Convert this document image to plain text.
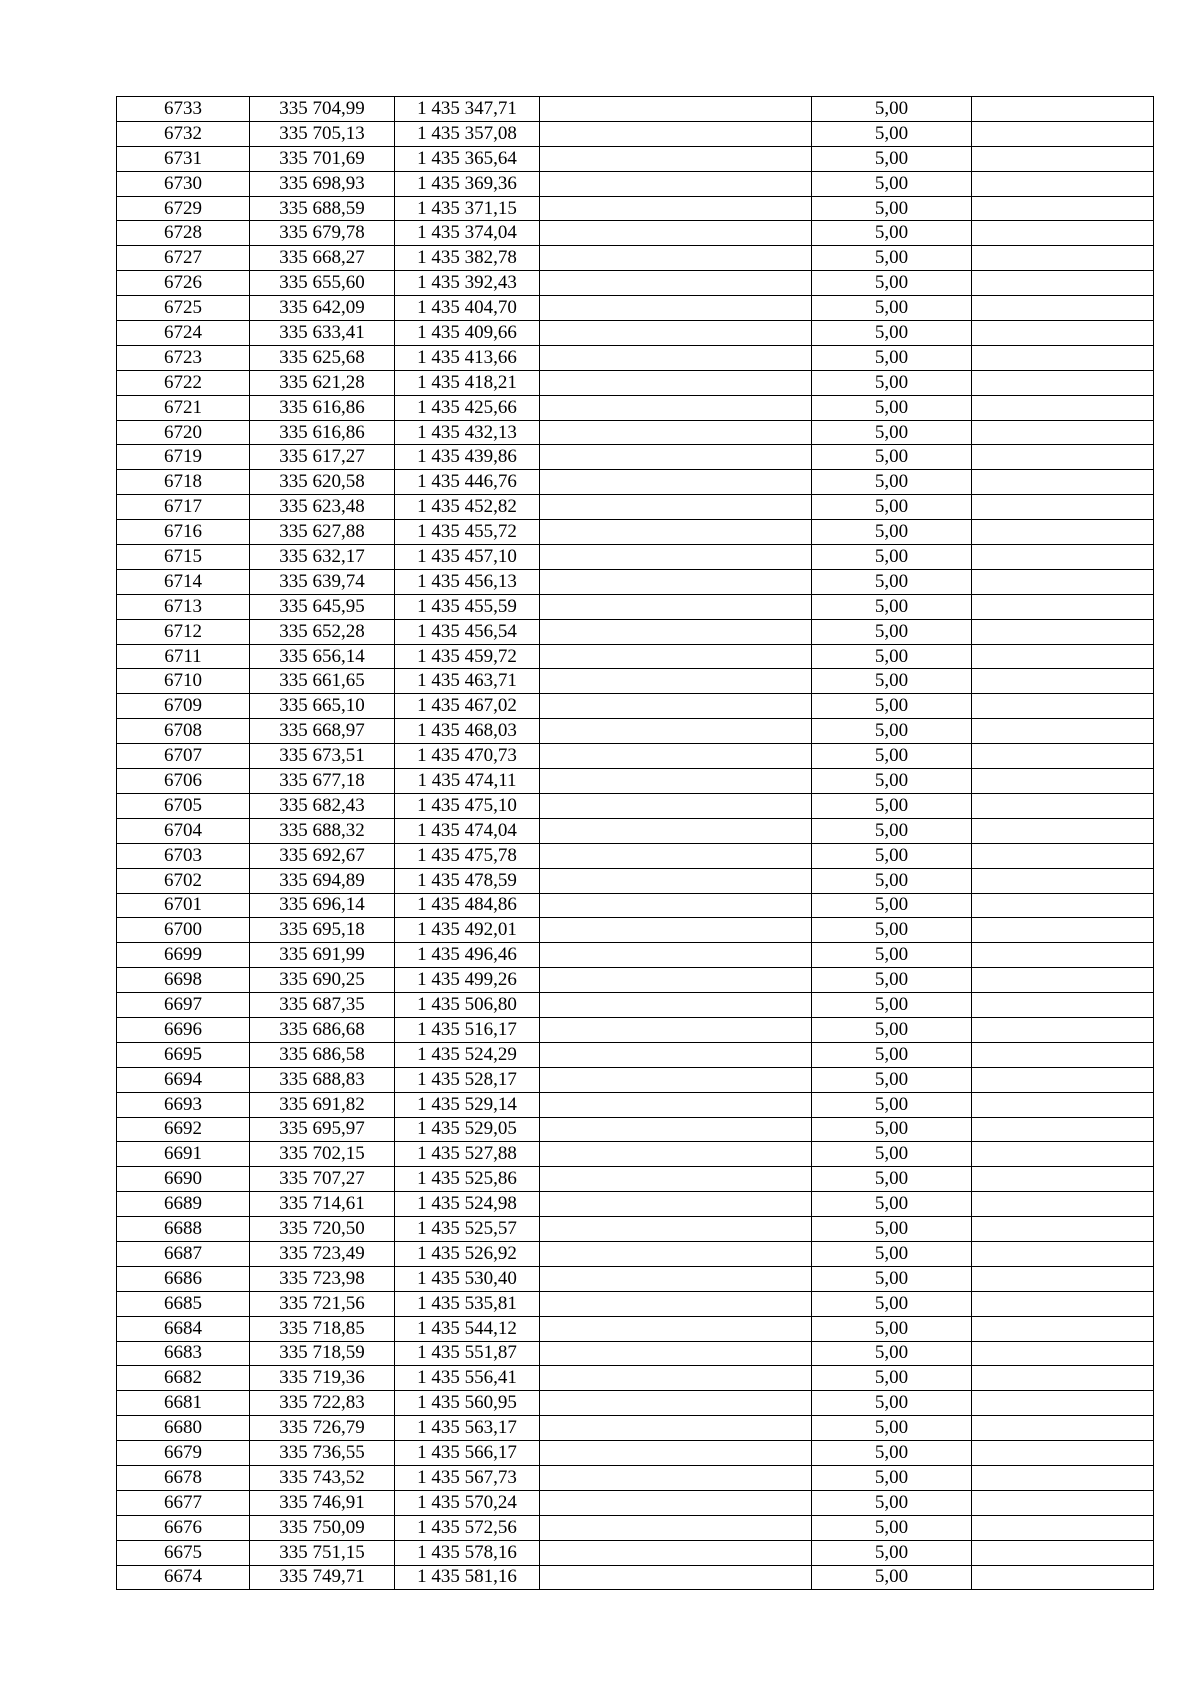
6733	335 704,99	1 435 347,71		5,00	
6732	335 705,13	1 435 357,08		5,00	
6731	335 701,69	1 435 365,64		5,00	
6730	335 698,93	1 435 369,36		5,00	
6729	335 688,59	1 435 371,15		5,00	
6728	335 679,78	1 435 374,04		5,00	
6727	335 668,27	1 435 382,78		5,00	
6726	335 655,60	1 435 392,43		5,00	
6725	335 642,09	1 435 404,70		5,00	
6724	335 633,41	1 435 409,66		5,00	
6723	335 625,68	1 435 413,66		5,00	
6722	335 621,28	1 435 418,21		5,00	
6721	335 616,86	1 435 425,66		5,00	
6720	335 616,86	1 435 432,13		5,00	
6719	335 617,27	1 435 439,86		5,00	
6718	335 620,58	1 435 446,76		5,00	
6717	335 623,48	1 435 452,82		5,00	
6716	335 627,88	1 435 455,72		5,00	
6715	335 632,17	1 435 457,10		5,00	
6714	335 639,74	1 435 456,13		5,00	
6713	335 645,95	1 435 455,59		5,00	
6712	335 652,28	1 435 456,54		5,00	
6711	335 656,14	1 435 459,72		5,00	
6710	335 661,65	1 435 463,71		5,00	
6709	335 665,10	1 435 467,02		5,00	
6708	335 668,97	1 435 468,03		5,00	
6707	335 673,51	1 435 470,73		5,00	
6706	335 677,18	1 435 474,11		5,00	
6705	335 682,43	1 435 475,10		5,00	
6704	335 688,32	1 435 474,04		5,00	
6703	335 692,67	1 435 475,78		5,00	
6702	335 694,89	1 435 478,59		5,00	
6701	335 696,14	1 435 484,86		5,00	
6700	335 695,18	1 435 492,01		5,00	
6699	335 691,99	1 435 496,46		5,00	
6698	335 690,25	1 435 499,26		5,00	
6697	335 687,35	1 435 506,80		5,00	
6696	335 686,68	1 435 516,17		5,00	
6695	335 686,58	1 435 524,29		5,00	
6694	335 688,83	1 435 528,17		5,00	
6693	335 691,82	1 435 529,14		5,00	
6692	335 695,97	1 435 529,05		5,00	
6691	335 702,15	1 435 527,88		5,00	
6690	335 707,27	1 435 525,86		5,00	
6689	335 714,61	1 435 524,98		5,00	
6688	335 720,50	1 435 525,57		5,00	
6687	335 723,49	1 435 526,92		5,00	
6686	335 723,98	1 435 530,40		5,00	
6685	335 721,56	1 435 535,81		5,00	
6684	335 718,85	1 435 544,12		5,00	
6683	335 718,59	1 435 551,87		5,00	
6682	335 719,36	1 435 556,41		5,00	
6681	335 722,83	1 435 560,95		5,00	
6680	335 726,79	1 435 563,17		5,00	
6679	335 736,55	1 435 566,17		5,00	
6678	335 743,52	1 435 567,73		5,00	
6677	335 746,91	1 435 570,24		5,00	
6676	335 750,09	1 435 572,56		5,00	
6675	335 751,15	1 435 578,16		5,00	
6674	335 749,71	1 435 581,16		5,00	
